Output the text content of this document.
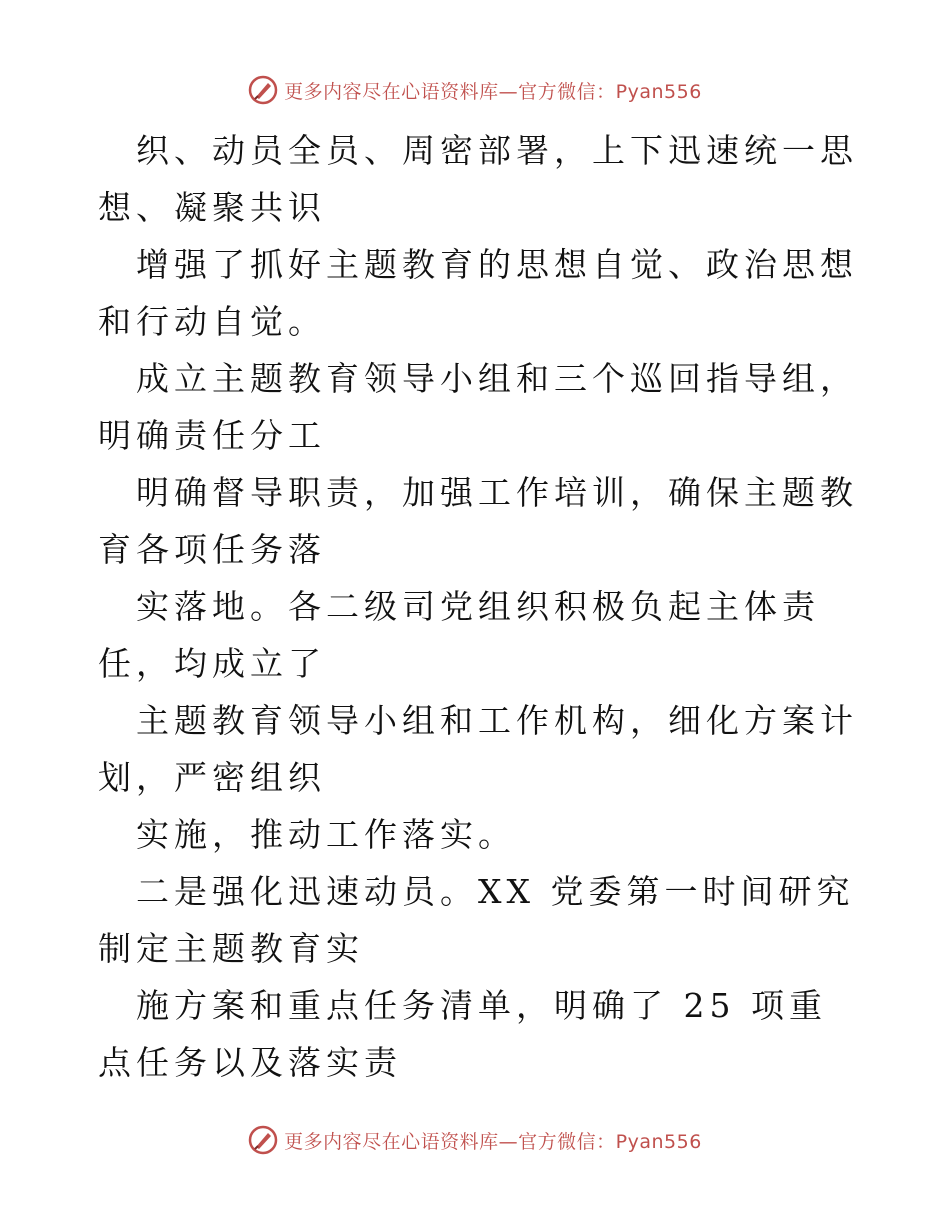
更多内容尽在心语资料库—官方微信：Pyan556

织、动员全员、周密部署，上下迅速统一思想、凝聚共识

增强了抓好主题教育的思想自觉、政治思想和行动自觉。

成立主题教育领导小组和三个巡回指导组，明确责任分工

明确督导职责，加强工作培训，确保主题教育各项任务落

实落地。各二级司党组织积极负起主体责任，均成立了

主题教育领导小组和工作机构，细化方案计划，严密组织

实施，推动工作落实。

二是强化迅速动员。XX 党委第一时间研究制定主题教育实

施方案和重点任务清单，明确了 25 项重点任务以及落实责

更多内容尽在心语资料库—官方微信：Pyan556
